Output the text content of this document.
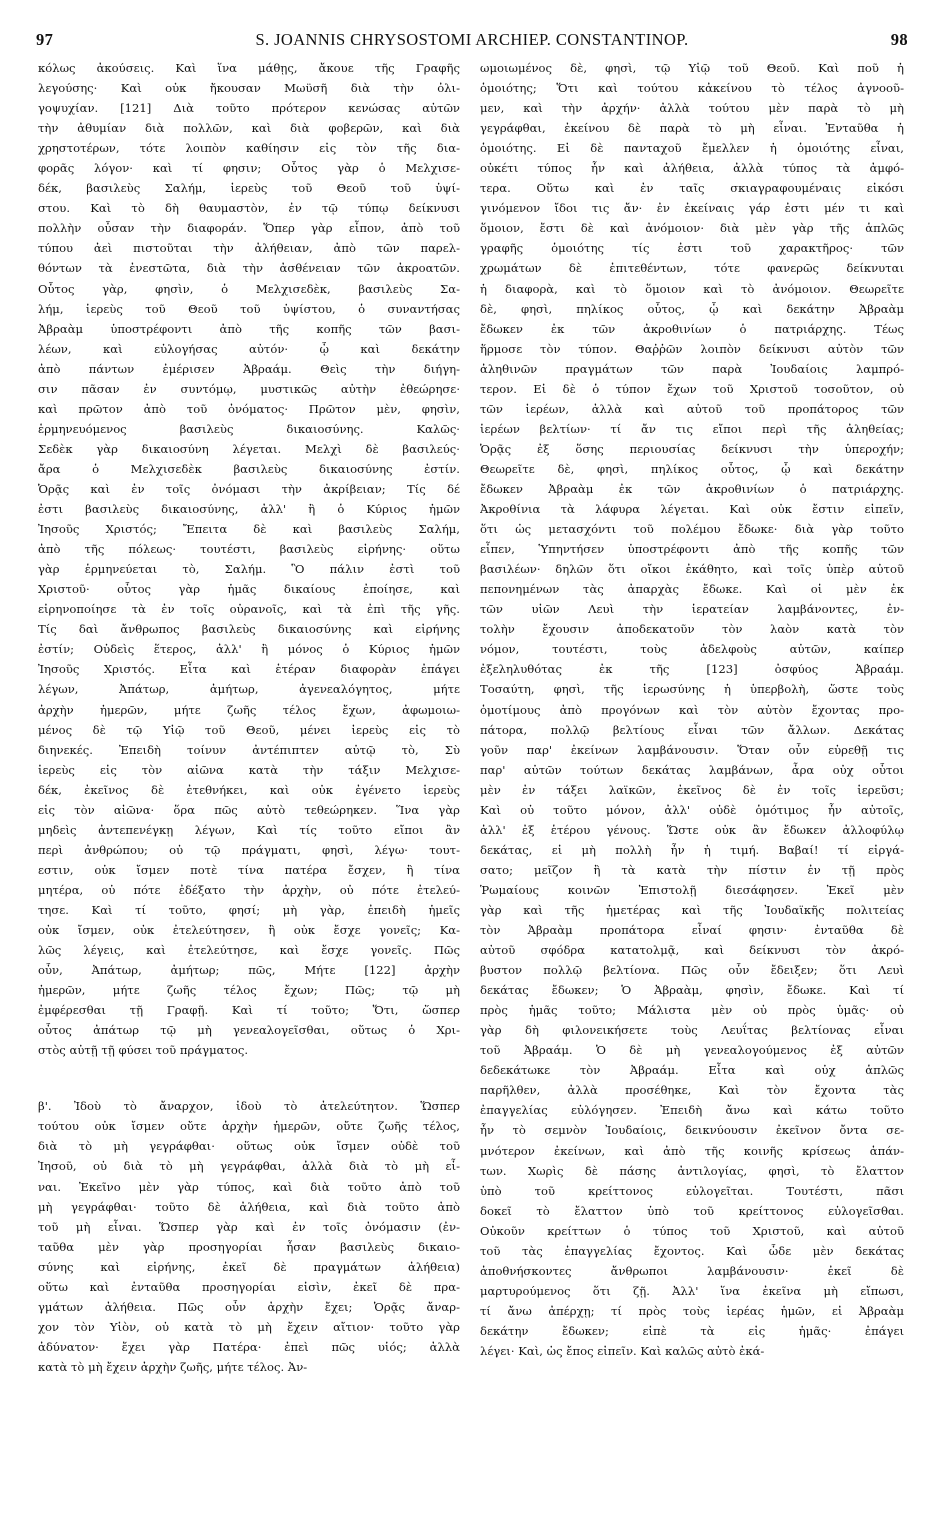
97	S. JOANNIS CHRYSOSTOMI ARCHIEP. CONSTANTINOP.	98
κόλως ἀκούσεις. Καὶ ἵνα μάθῃς, ἄκουε τῆς Γραφῆς
λεγούσης· Καὶ οὐκ ἤκουσαν Μωϋσῆ διὰ τὴν ὀλι-
γοψυχίαν. [121] Διὰ τοῦτο πρότερον κενώσας αὐτῶν
τὴν ἀθυμίαν διὰ πολλῶν, καὶ διὰ φοβερῶν, καὶ διὰ
χρηστοτέρων, τότε λοιπὸν καθίησιν εἰς τὸν τῆς δια-
φορᾶς λόγον· καὶ τί φησιν; Οὗτος γὰρ ὁ Μελχισε-
δέκ, βασιλεὺς Σαλήμ, ἱερεὺς τοῦ Θεοῦ τοῦ ὑψί-
στου. Καὶ τὸ δὴ θαυμαστὸν, ἐν τῷ τύπῳ δείκνυσι
πολλὴν οὖσαν τὴν διαφοράν. Ὅπερ γὰρ εἶπον, ἀπὸ τοῦ
τύπου ἀεὶ πιστοῦται τὴν ἀλήθειαν, ἀπὸ τῶν παρελ-
θόντων τὰ ἐνεστῶτα, διὰ τὴν ἀσθένειαν τῶν ἀκροατῶν.
Οὗτος γὰρ, φησὶν, ὁ Μελχισεδὲκ, βασιλεὺς Σα-
λήμ, ἱερεὺς τοῦ Θεοῦ τοῦ ὑψίστου, ὁ συναντήσας
Ἀβραὰμ ὑποστρέφοντι ἀπὸ τῆς κοπῆς τῶν βασι-
λέων, καὶ εὐλογήσας αὐτόν· ᾧ καὶ δεκάτην
ἀπὸ πάντων ἐμέρισεν Ἀβραάμ. Θεὶς τὴν διήγη-
σιν πᾶσαν ἐν συντόμῳ, μυστικῶς αὐτὴν ἐθεώρησε·
καὶ πρῶτον ἀπὸ τοῦ ὀνόματος· Πρῶτον μὲν, φησὶν,
ἑρμηνευόμενος βασιλεὺς δικαιοσύνης. Καλῶς·
Σεδὲκ γὰρ δικαιοσύνη λέγεται. Μελχὶ δὲ βασιλεύς·
ἄρα ὁ Μελχισεδὲκ βασιλεὺς δικαιοσύνης ἐστίν.
Ὁρᾷς καὶ ἐν τοῖς ὀνόμασι τὴν ἀκρίβειαν; Τίς δέ
ἐστι βασιλεὺς δικαιοσύνης, ἀλλ' ἢ ὁ Κύριος ἡμῶν
Ἰησοῦς Χριστός; Ἔπειτα δὲ καὶ βασιλεὺς Σαλήμ,
ἀπὸ τῆς πόλεως· τουτέστι, βασιλεὺς εἰρήνης· οὕτω
γὰρ ἑρμηνεύεται τὸ, Σαλήμ. Ὃ πάλιν ἐστὶ τοῦ
Χριστοῦ· οὗτος γὰρ ἡμᾶς δικαίους ἐποίησε, καὶ
εἰρηνοποίησε τὰ ἐν τοῖς οὐρανοῖς, καὶ τὰ ἐπὶ τῆς γῆς.
Τίς δαὶ ἄνθρωπος βασιλεὺς δικαιοσύνης καὶ εἰρήνης
ἐστίν; Οὐδεὶς ἕτερος, ἀλλ' ἢ μόνος ὁ Κύριος ἡμῶν
Ἰησοῦς Χριστός. Εἶτα καὶ ἑτέραν διαφορὰν ἐπάγει
λέγων, Ἀπάτωρ, ἀμήτωρ, ἀγενεαλόγητος, μήτε
ἀρχὴν ἡμερῶν, μήτε ζωῆς τέλος ἔχων, ἀφωμοιω-
μένος δὲ τῷ Υἱῷ τοῦ Θεοῦ, μένει ἱερεὺς εἰς τὸ
διηνεκές. Ἐπειδὴ τοίνυν ἀντέπιπτεν αὐτῷ τὸ, Σὺ
ἱερεὺς εἰς τὸν αἰῶνα κατὰ τὴν τάξιν Μελχισε-
δέκ, ἐκεῖνος δὲ ἐτεθνήκει, καὶ οὐκ ἐγένετο ἱερεὺς
εἰς τὸν αἰῶνα· ὅρα πῶς αὐτὸ τεθεώρηκεν. Ἵνα γὰρ
μηδεὶς ἀντεπενέγκῃ λέγων, Καὶ τίς τοῦτο εἴποι ἂν
περὶ ἀνθρώπου; οὐ τῷ πράγματι, φησὶ, λέγω· τουτ-
εστιν, οὐκ ἴσμεν ποτὲ τίνα πατέρα ἔσχεν, ἢ τίνα
μητέρα, οὐ πότε ἐδέξατο τὴν ἀρχὴν, οὐ πότε ἐτελεύ-
τησε. Καὶ τί τοῦτο, φησί; μὴ γὰρ, ἐπειδὴ ἡμεῖς
οὐκ ἴσμεν, οὐκ ἐτελεύτησεν, ἢ οὐκ ἔσχε γονεῖς; Κα-
λῶς λέγεις, καὶ ἐτελεύτησε, καὶ ἔσχε γονεῖς. Πῶς
οὖν, Ἀπάτωρ, ἀμήτωρ; πῶς, Μήτε [122] ἀρχὴν
ἡμερῶν, μήτε ζωῆς τέλος ἔχων; Πῶς; τῷ μὴ
ἐμφέρεσθαι τῇ Γραφῇ. Καὶ τί τοῦτο; Ὅτι, ὥσπερ
οὗτος ἀπάτωρ τῷ μὴ γενεαλογεῖσθαι, οὕτως ὁ Χρι-
στὸς αὐτῇ τῇ φύσει τοῦ πράγματος.
β'. Ἰδοὺ τὸ ἄναρχον, ἰδοὺ τὸ ἀτελεύτητον. Ὥσπερ
τούτου οὐκ ἴσμεν οὔτε ἀρχὴν ἡμερῶν, οὔτε ζωῆς τέλος,
διὰ τὸ μὴ γεγράφθαι· οὕτως οὐκ ἴσμεν οὐδὲ τοῦ
Ἰησοῦ, οὐ διὰ τὸ μὴ γεγράφθαι, ἀλλὰ διὰ τὸ μὴ εἶ-
ναι. Ἐκεῖνο μὲν γὰρ τύπος, καὶ διὰ τοῦτο ἀπὸ τοῦ
μὴ γεγράφθαι· τοῦτο δὲ ἀλήθεια, καὶ διὰ τοῦτο ἀπὸ
τοῦ μὴ εἶναι. Ὥσπερ γὰρ καὶ ἐν τοῖς ὀνόμασιν (ἐν-
ταῦθα μὲν γὰρ προσηγορίαι ἦσαν βασιλεὺς δικαιο-
σύνης καὶ εἰρήνης, ἐκεῖ δὲ πραγμάτων ἀλήθεια)
οὕτω καὶ ἐνταῦθα προσηγορίαι εἰσὶν, ἐκεῖ δὲ πρα-
γμάτων ἀλήθεια. Πῶς οὖν ἀρχὴν ἔχει; Ὁρᾷς ἄναρ-
χον τὸν Υἱὸν, οὐ κατὰ τὸ μὴ ἔχειν αἴτιον· τοῦτο γὰρ
ἀδύνατον· ἔχει γὰρ Πατέρα· ἐπεὶ πῶς υἱός; ἀλλὰ
κατὰ τὸ μὴ ἔχειν ἀρχὴν ζωῆς, μήτε τέλος. Ἀν-
ωμοιωμένος δὲ, φησὶ, τῷ Υἱῷ τοῦ Θεοῦ. Καὶ ποῦ ἡ
ὁμοιότης; Ὅτι καὶ τούτου κἀκείνου τὸ τέλος ἀγνοοῦ-
μεν, καὶ τὴν ἀρχήν· ἀλλὰ τούτου μὲν παρὰ τὸ μὴ
γεγράφθαι, ἐκείνου δὲ παρὰ τὸ μὴ εἶναι. Ἐνταῦθα ἡ
ὁμοιότης. Εἰ δὲ πανταχοῦ ἔμελλεν ἡ ὁμοιότης εἶναι,
οὐκέτι τύπος ἦν καὶ ἀλήθεια, ἀλλὰ τύπος τὰ ἀμφό-
τερα. Οὕτω καὶ ἐν ταῖς σκιαγραφουμέναις εἰκόσι
γινόμενον ἴδοι τις ἄν· ἐν ἐκείναις γάρ ἐστι μέν τι καὶ
ὅμοιον, ἔστι δὲ καὶ ἀνόμοιον· διὰ μὲν γὰρ τῆς ἁπλῶς
γραφῆς ὁμοιότης τίς ἐστι τοῦ χαρακτῆρος· τῶν
χρωμάτων δὲ ἐπιτεθέντων, τότε φανερῶς δείκνυται
ἡ διαφορὰ, καὶ τὸ ὅμοιον καὶ τὸ ἀνόμοιον. Θεωρεῖτε
δὲ, φησὶ, πηλίκος οὗτος, ᾧ καὶ δεκάτην Ἀβραὰμ
ἔδωκεν ἐκ τῶν ἀκροθινίων ὁ πατριάρχης. Τέως
ἥρμοσε τὸν τύπον. Θαῤῥῶν λοιπὸν δείκνυσι αὐτὸν τῶν
ἀληθινῶν πραγμάτων τῶν παρὰ Ἰουδαίοις λαμπρό-
τερον. Εἰ δὲ ὁ τύπον ἔχων τοῦ Χριστοῦ τοσοῦτον, οὐ
τῶν ἱερέων, ἀλλὰ καὶ αὐτοῦ τοῦ προπάτορος τῶν
ἱερέων βελτίων· τί ἄν τις εἴποι περὶ τῆς ἀληθείας;
Ὁρᾷς ἐξ ὅσης περιουσίας δείκνυσι τὴν ὑπεροχήν;
Θεωρεῖτε δὲ, φησὶ, πηλίκος οὗτος, ᾧ καὶ δεκάτην
ἔδωκεν Ἀβραὰμ ἐκ τῶν ἀκροθινίων ὁ πατριάρχης.
Ἀκροθίνια τὰ λάφυρα λέγεται. Καὶ οὐκ ἔστιν εἰπεῖν,
ὅτι ὡς μετασχόντι τοῦ πολέμου ἔδωκε· διὰ γὰρ τοῦτο
εἶπεν, Ὑπηντήσεν ὑποστρέφοντι ἀπὸ τῆς κοπῆς τῶν
βασιλέων· δηλῶν ὅτι οἴκοι ἐκάθητο, καὶ τοῖς ὑπὲρ αὐτοῦ
πεπονημένων τὰς ἀπαρχὰς ἔδωκε. Καὶ οἱ μὲν ἐκ
τῶν υἱῶν Λευὶ τὴν ἱερατείαν λαμβάνοντες, ἐν-
τολὴν ἔχουσιν ἀποδεκατοῦν τὸν λαὸν κατὰ τὸν
νόμον, τουτέστι, τοὺς ἀδελφοὺς αὐτῶν, καίπερ
ἐξεληλυθότας ἐκ τῆς [123] ὀσφύος Ἀβραάμ.
Τοσαύτη, φησὶ, τῆς ἱερωσύνης ἡ ὑπερβολὴ, ὥστε τοὺς
ὁμοτίμους ἀπὸ προγόνων καὶ τὸν αὐτὸν ἔχοντας προ-
πάτορα, πολλῷ βελτίους εἶναι τῶν ἄλλων. Δεκάτας
γοῦν παρ' ἐκείνων λαμβάνουσιν. Ὅταν οὖν εὑρεθῇ τις
παρ' αὐτῶν τούτων δεκάτας λαμβάνων, ἆρα οὐχ οὗτοι
μὲν ἐν τάξει λαϊκῶν, ἐκεῖνος δὲ ἐν τοῖς ἱερεῦσι;
Καὶ οὐ τοῦτο μόνον, ἀλλ' οὐδὲ ὁμότιμος ἦν αὐτοῖς,
ἀλλ' ἐξ ἑτέρου γένους. Ὥστε οὐκ ἂν ἔδωκεν ἀλλοφύλῳ
δεκάτας, εἰ μὴ πολλὴ ἦν ἡ τιμή. Βαβαί! τί εἰργά-
σατο; μεῖζον ἢ τὰ κατὰ τὴν πίστιν ἐν τῇ πρὸς
Ῥωμαίους κοινῶν Ἐπιστολῇ διεσάφησεν. Ἐκεῖ μὲν
γὰρ καὶ τῆς ἡμετέρας καὶ τῆς Ἰουδαϊκῆς πολιτείας
τὸν Ἀβραὰμ προπάτορα εἶναί φησιν· ἐνταῦθα δὲ
αὐτοῦ σφόδρα κατατολμᾷ, καὶ δείκνυσι τὸν ἀκρό-
βυστον πολλῷ βελτίονα. Πῶς οὖν ἔδειξεν; ὅτι Λευὶ
δεκάτας ἔδωκεν; Ὁ Ἀβραὰμ, φησὶν, ἔδωκε. Καὶ τί
πρὸς ἡμᾶς τοῦτο; Μάλιστα μὲν οὐ πρὸς ὑμᾶς· οὐ
γὰρ δὴ φιλονεικήσετε τοὺς Λευΐτας βελτίονας εἶναι
τοῦ Ἀβραάμ. Ὁ δὲ μὴ γενεαλογούμενος ἐξ αὐτῶν
δεδεκάτωκε τὸν Ἀβραάμ. Εἶτα καὶ οὐχ ἁπλῶς
παρῆλθεν, ἀλλὰ προσέθηκε, Καὶ τὸν ἔχοντα τὰς
ἐπαγγελίας εὐλόγησεν. Ἐπειδὴ ἄνω καὶ κάτω τοῦτο
ἦν τὸ σεμνὸν Ἰουδαίοις, δεικνύουσιν ἐκεῖνον ὄντα σε-
μνότερον ἐκείνων, καὶ ἀπὸ τῆς κοινῆς κρίσεως ἁπάν-
των. Χωρὶς δὲ πάσης ἀντιλογίας, φησὶ, τὸ ἔλαττον
ὑπὸ τοῦ κρείττονος εὐλογεῖται. Τουτέστι, πᾶσι
δοκεῖ τὸ ἔλαττον ὑπὸ τοῦ κρείττονος εὐλογεῖσθαι.
Οὐκοῦν κρείττων ὁ τύπος τοῦ Χριστοῦ, καὶ αὐτοῦ
τοῦ τὰς ἐπαγγελίας ἔχοντος. Καὶ ὧδε μὲν δεκάτας
ἀποθνήσκοντες ἄνθρωποι λαμβάνουσιν· ἐκεῖ δὲ
μαρτυρούμενος ὅτι ζῇ. Ἀλλ' ἵνα ἐκεῖνα μὴ εἴπωσι,
τί ἄνω ἀπέρχῃ; τί πρὸς τοὺς ἱερέας ἡμῶν, εἰ Ἀβραὰμ
δεκάτην ἔδωκεν; εἰπὲ τὰ εἰς ἡμᾶς· ἐπάγει
λέγει· Καὶ, ὡς ἔπος εἰπεῖν. Καὶ καλῶς αὐτὸ ἐκά-
